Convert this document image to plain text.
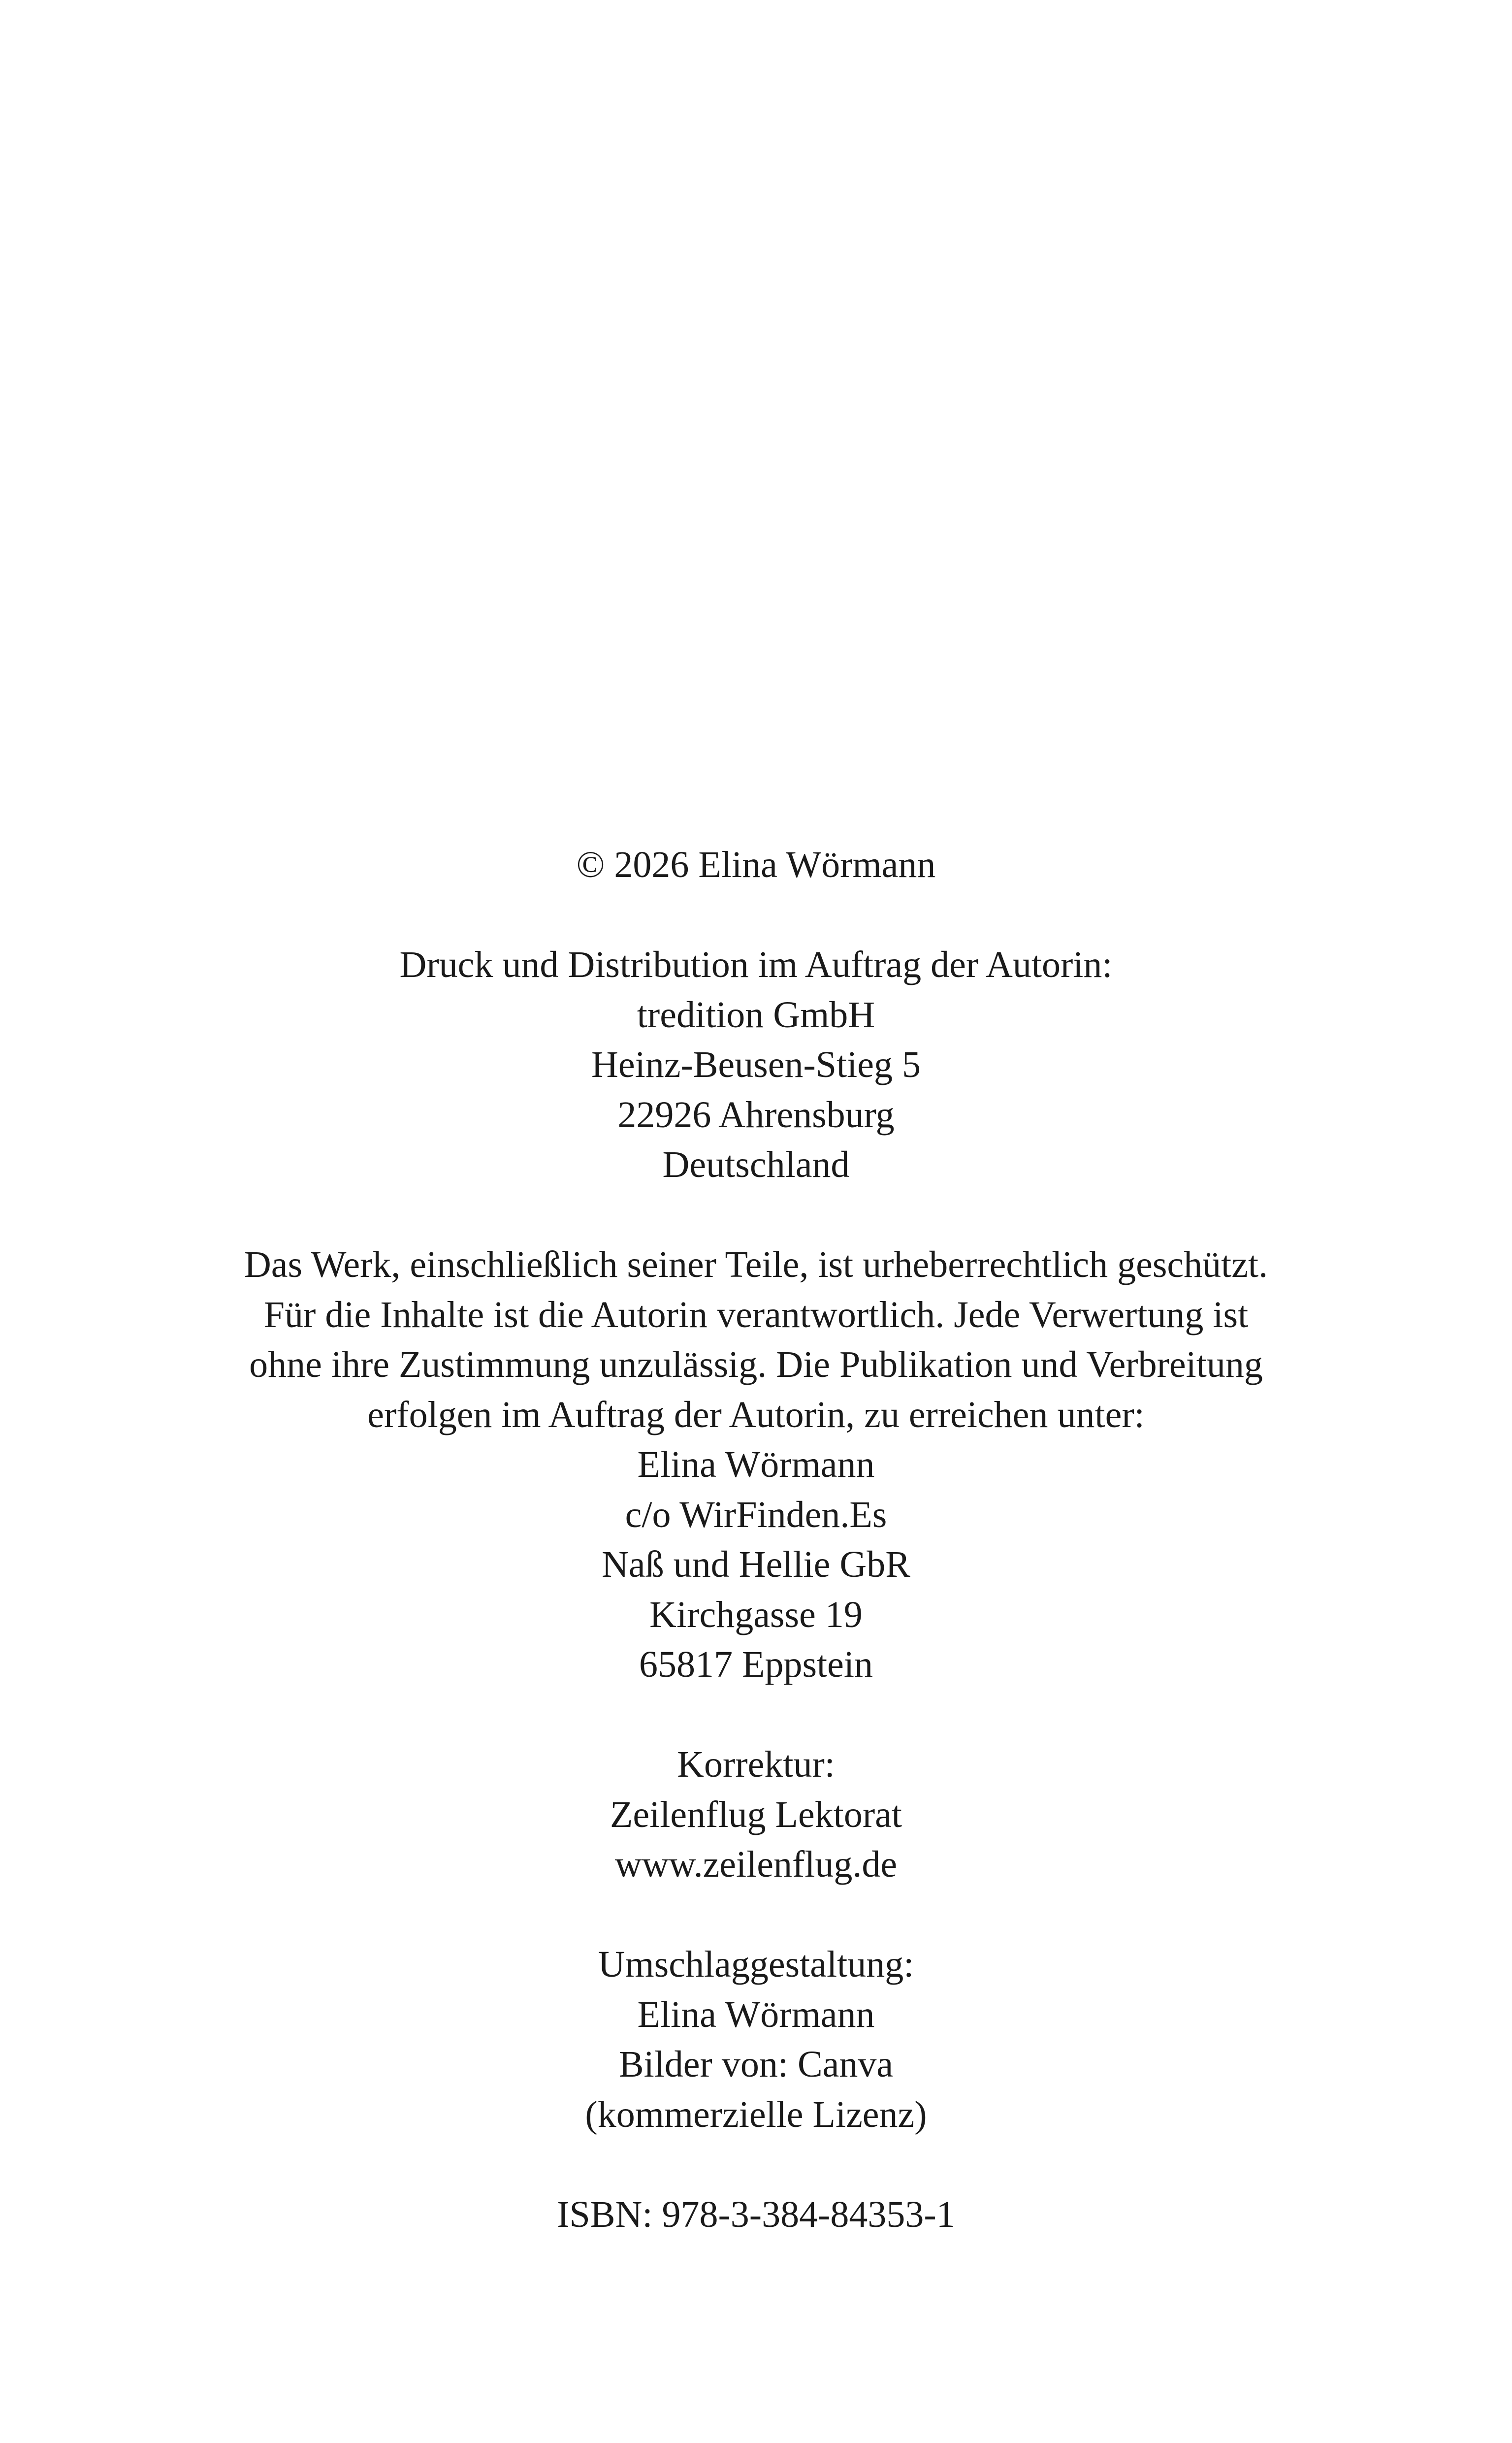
© 2026 Elina Wörmann
Druck und Distribution im Auftrag der Autorin:
tredition GmbH
Heinz-Beusen-Stieg 5
22926 Ahrensburg
Deutschland
Das Werk, einschließlich seiner Teile, ist urheberrechtlich geschützt.
Für die Inhalte ist die Autorin verantwortlich. Jede Verwertung ist
ohne ihre Zustimmung unzulässig. Die Publikation und Verbreitung
erfolgen im Auftrag der Autorin, zu erreichen unter:
Elina Wörmann
c/o WirFinden.Es
Naß und Hellie GbR
Kirchgasse 19
65817 Eppstein
Korrektur:
Zeilenflug Lektorat
www.zeilenflug.de
Umschlaggestaltung:
Elina Wörmann
Bilder von: Canva
(kommerzielle Lizenz)
ISBN: 978-3-384-84353-1
